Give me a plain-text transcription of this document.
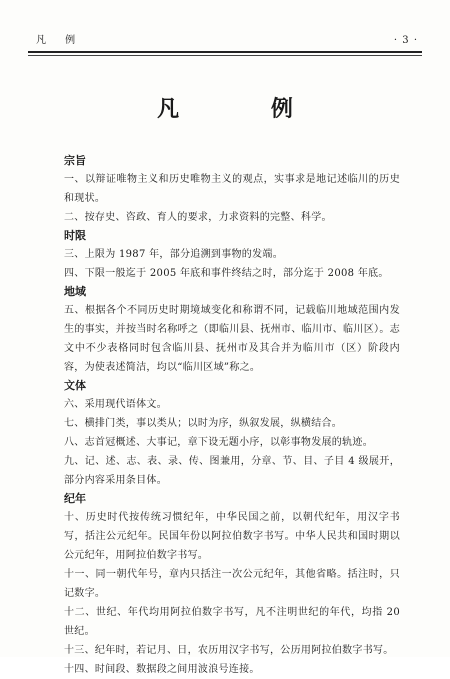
凡 例	· 3 ·
凡 例
宗旨

一、以辩证唯物主义和历史唯物主义的观点，实事求是地记述临川的历史和现状。

二、按存史、咨政、育人的要求，力求资料的完整、科学。

时限

三、上限为 1987 年，部分追溯到事物的发端。

四、下限一般迄于 2005 年底和事件终结之时，部分迄于 2008 年底。

地域

五、根据各个不同历史时期境域变化和称谓不同，记载临川地域范围内发生的事实，并按当时名称呼之（即临川县、抚州市、临川市、临川区）。志文中不少表格同时包含临川县、抚州市及其合并为临川市（区）阶段内容，为使表述简洁，均以“临川区域”称之。

文体

六、采用现代语体文。

七、横排门类，事以类从；以时为序，纵叙发展，纵横结合。

八、志首冠概述、大事记，章下设无题小序，以彰事物发展的轨迹。

九、记、述、志、表、录、传、图兼用，分章、节、目、子目 4 级展开，部分内容采用条目体。

纪年

十、历史时代按传统习惯纪年，中华民国之前，以朝代纪年，用汉字书写，括注公元纪年。民国年份以阿拉伯数字书写。中华人民共和国时期以公元纪年，用阿拉伯数字书写。

十一、同一朝代年号，章内只括注一次公元纪年，其他省略。括注时，只记数字。

十二、世纪、年代均用阿拉伯数字书写，凡不注明世纪的年代，均指 20 世纪。

十三、纪年时，若记月、日，农历用汉字书写，公历用阿拉伯数字书写。

十四、时间段、数据段之间用波浪号连接。
